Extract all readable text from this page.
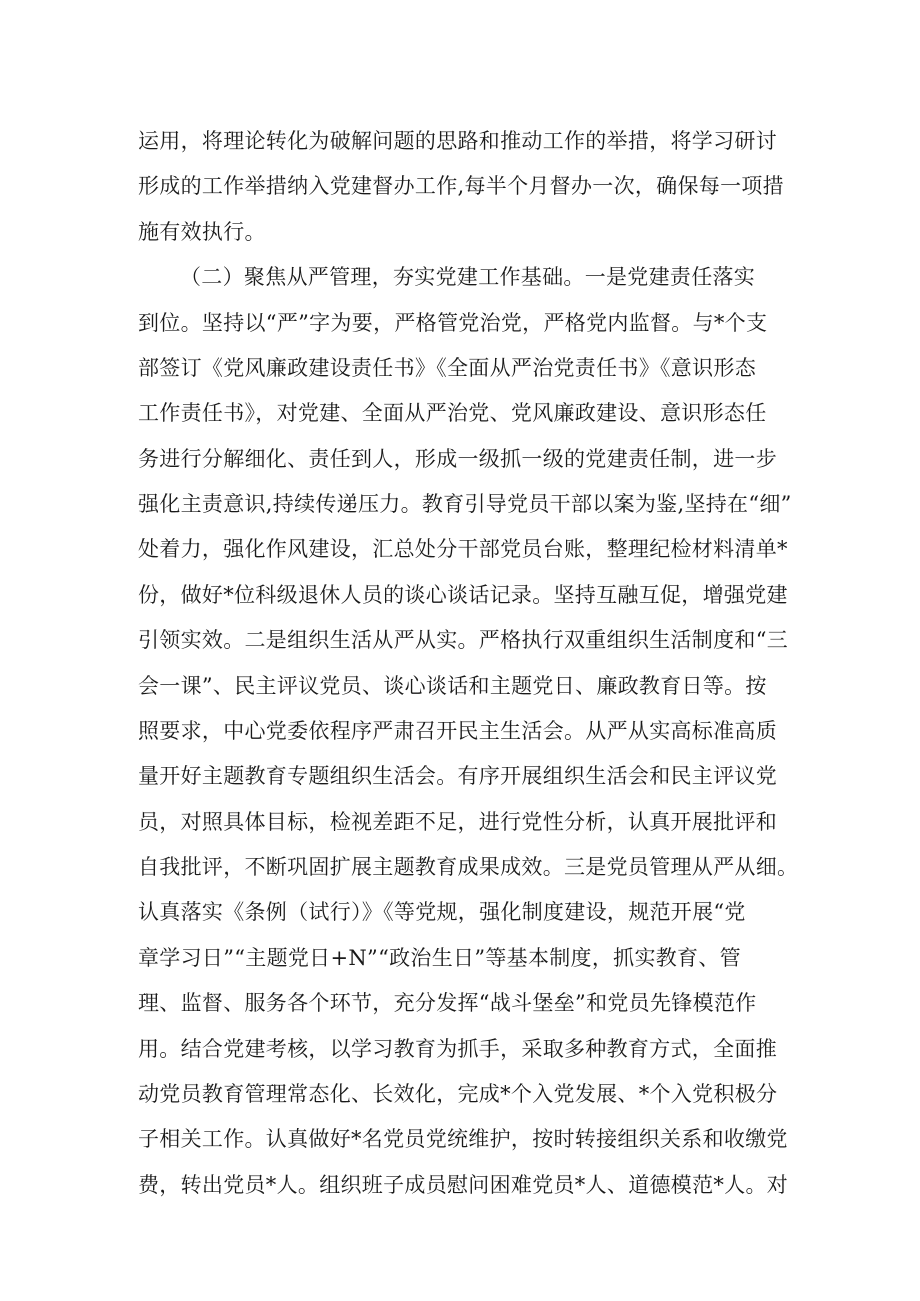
运用，将理论转化为破解问题的思路和推动工作的举措，将学习研讨
形成的工作举措纳入党建督办工作,每半个月督办一次，确保每一项措
施有效执行。
（二）聚焦从严管理，夯实党建工作基础。一是党建责任落实
到位。坚持以“严”字为要，严格管党治党，严格党内监督。与*个支
部签订《党风廉政建设责任书》《全面从严治党责任书》《意识形态
工作责任书》，对党建、全面从严治党、党风廉政建设、意识形态任
务进行分解细化、责任到人，形成一级抓一级的党建责任制，进一步
强化主责意识,持续传递压力。教育引导党员干部以案为鉴,坚持在“细”
处着力，强化作风建设，汇总处分干部党员台账，整理纪检材料清单*
份，做好*位科级退休人员的谈心谈话记录。坚持互融互促，增强党建
引领实效。二是组织生活从严从实。严格执行双重组织生活制度和“三
会一课”、民主评议党员、谈心谈话和主题党日、廉政教育日等。按
照要求，中心党委依程序严肃召开民主生活会。从严从实高标准高质
量开好主题教育专题组织生活会。有序开展组织生活会和民主评议党
员，对照具体目标，检视差距不足，进行党性分析，认真开展批评和
自我批评，不断巩固扩展主题教育成果成效。三是党员管理从严从细。
认真落实《条例（试行）》《等党规，强化制度建设，规范开展“党
章学习日”“主题党日+N”“政治生日”等基本制度，抓实教育、管
理、监督、服务各个环节，充分发挥“战斗堡垒”和党员先锋模范作
用。结合党建考核，以学习教育为抓手，采取多种教育方式，全面推
动党员教育管理常态化、长效化，完成*个入党发展、*个入党积极分
子相关工作。认真做好*名党员党统维护，按时转接组织关系和收缴党
费，转出党员*人。组织班子成员慰问困难党员*人、道德模范*人。对
